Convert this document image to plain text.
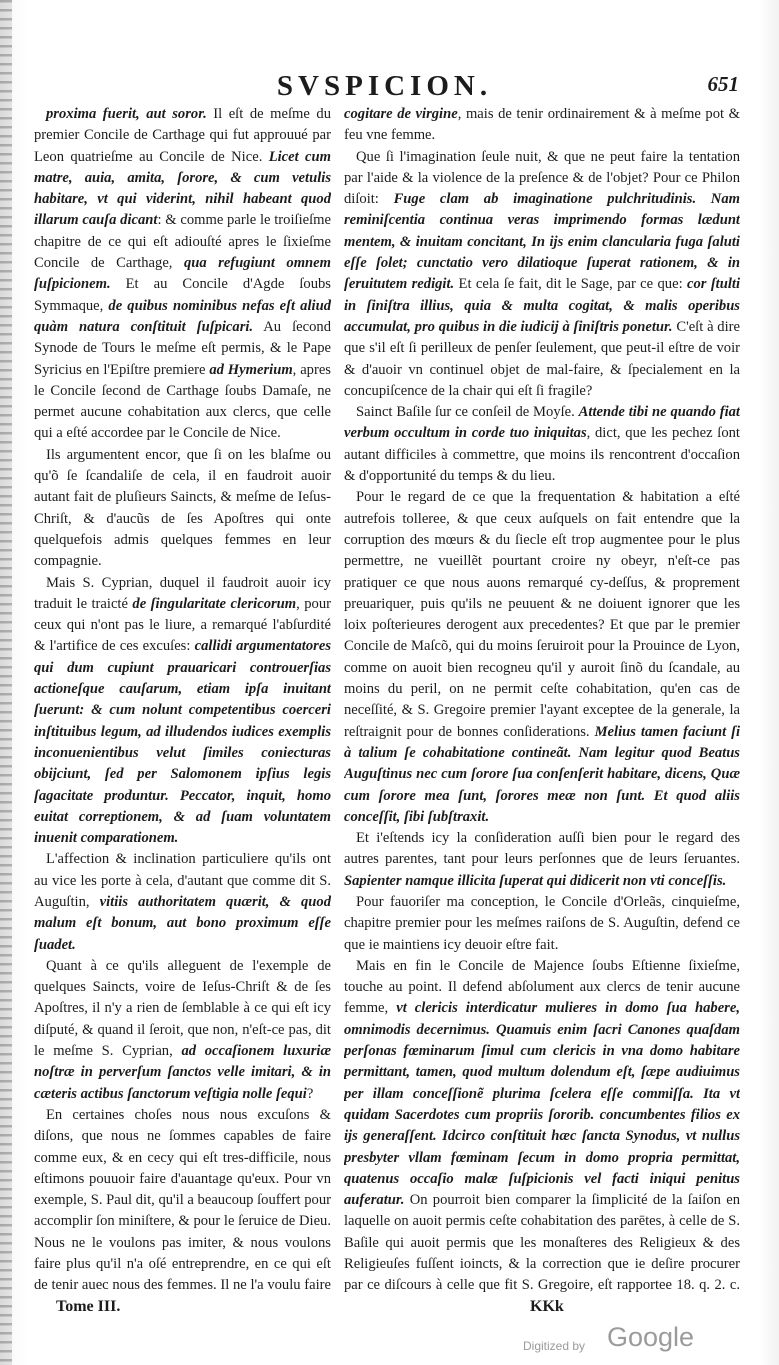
SVSPICION.	651

proxima fuerit, aut soror. Il eſt de meſme du premier Concile de Carthage qui fut approuué par Leon quatrieſme au Concile de Nice. Licet cum matre, auia, amita, ſorore, & cum vetulis habitare, vt qui viderint, nihil habeant quod illarum cauſa dicant: & comme parle le troiſieſme chapitre de ce qui eſt adiouſté apres le ſixieſme Concile de Carthage, qua refugiunt omnem ſuſpicionem. Et au Concile d'Agde ſoubs Symmaque, de quibus nominibus nefas eſt aliud quàm natura conſtituit ſuſpicari. Au ſecond Synode de Tours le meſme eſt permis, & le Pape Syricius en l'Epiſtre premiere ad Hymerium, apres le Concile ſecond de Carthage ſoubs Damaſe, ne permet aucune cohabitation aux clercs, que celle qui a eſté accordee par le Concile de Nice.

Ils argumentent encor, que ſi on les blaſme ou qu'õ ſe ſcandaliſe de cela, il en faudroit auoir autant fait de pluſieurs Saincts, & meſme de Ieſus-Chriſt, & d'aucũs de ſes Apoſtres qui onte quelquefois admis quelques femmes en leur compagnie.

Mais S. Cyprian, duquel il faudroit auoir icy traduit le traicté de ſingularitate clericorum, pour ceux qui n'ont pas le liure, a remarqué l'abſurdité & l'artifice de ces excuſes: callidi argumentatores qui dum cupiunt prauaricari controuerſias actioneſque cauſarum, etiam ipſa inuitant ſuerunt: & cum nolunt competentibus coerceri inſtituibus legum, ad illudendos iudices exemplis inconuenientibus velut ſimiles coniecturas obijciunt, ſed per Salomonem ipſius legis ſagacitate produntur. Peccator, inquit, homo euitat correptionem, & ad ſuam voluntatem inuenit comparationem.

L'affection & inclination particuliere qu'ils ont au vice les porte à cela, d'autant que comme dit S. Auguſtin, vitiis authoritatem quærit, & quod malum eſt bonum, aut bono proximum eſſe ſuadet.

Quant à ce qu'ils alleguent de l'exemple de quelques Saincts, voire de Ieſus-Chriſt & de ſes Apoſtres, il n'y a rien de ſemblable à ce qui eſt icy diſputé, & quand il ſeroit, que non, n'eſt-ce pas, dit le meſme S. Cyprian, ad occaſionem luxuriæ noſtræ in perverſum ſanctos velle imitari, & in cæteris actibus ſanctorum veſtigia nolle ſequi?

En certaines choſes nous nous excuſons & diſons, que nous ne ſommes capables de faire comme eux, & en cecy qui eſt tres-difficile, nous eſtimons pouuoir faire d'auantage qu'eux. Pour vn exemple, S. Paul dit, qu'il a beaucoup ſouffert pour accomplir ſon miniſtere, & pour le ſeruice de Dieu. Nous ne le voulons pas imiter, & nous voulons faire plus qu'il n'a oſé entreprendre, en ce qui eſt de tenir auec nous des femmes. Il ne l'a voulu faire

cogitare de virgine, mais de tenir ordinairement & à meſme pot & feu vne femme.

Que ſi l'imagination ſeule nuit, & que ne peut faire la tentation par l'aide & la violence de la preſence & de l'objet? Pour ce Philon diſoit: Fuge clam ab imaginatione pulchritudinis. Nam reminiſcentia continua veras imprimendo formas lædunt mentem, & inuitam concitant, In ijs enim clancularia fuga ſaluti eſſe ſolet; cunctatio vero dilatioque ſuperat rationem, & in ſeruitutem redigit. Et cela ſe fait, dit le Sage, par ce que: cor ſtulti in ſiniſtra illius, quia & multa cogitat, & malis operibus accumulat, pro quibus in die iudicij à ſiniſtris ponetur. C'eſt à dire que s'il eſt ſi perilleux de penſer ſeulement, que peut-il eſtre de voir & d'auoir vn continuel objet de mal-faire, & ſpecialement en la concupiſcence de la chair qui eſt ſi fragile?

Sainct Baſile ſur ce conſeil de Moyſe. Attende tibi ne quando fiat verbum occultum in corde tuo iniquitas, dict, que les pechez ſont autant difficiles à commettre, que moins ils rencontrent d'occaſion & d'opportunité du temps & du lieu.

Pour le regard de ce que la frequentation & habitation a eſté autrefois tolleree, & que ceux auſquels on fait entendre que la corruption des mœurs & du ſiecle eſt trop augmentee pour le plus permettre, ne vueillẽt pourtant croire ny obeyr, n'eſt-ce pas pratiquer ce que nous auons remarqué cy-deſſus, & proprement preuariquer, puis qu'ils ne peuuent & ne doiuent ignorer que les loix poſterieures derogent aux precedentes? Et que par le premier Concile de Maſcõ, qui du moins ſeruiroit pour la Prouince de Lyon, comme on auoit bien recogneu qu'il y auroit ſinõ du ſcandale, au moins du peril, on ne permit ceſte cohabitation, qu'en cas de neceſſité, & S. Gregoire premier l'ayant exceptee de la generale, la reſtraignit pour de bonnes conſiderations. Melius tamen faciunt ſi à talium ſe cohabitatione contineãt. Nam legitur quod Beatus Auguſtinus nec cum ſorore ſua conſenſerit habitare, dicens, Quæ cum ſorore mea ſunt, ſorores meæ non ſunt. Et quod aliis conceſſit, ſibi ſubſtraxit.

Et i'eſtends icy la conſideration auſſi bien pour le regard des autres parentes, tant pour leurs perſonnes que de leurs ſeruantes. Sapienter namque illicita ſuperat qui didicerit non vti conceſſis.

Pour fauoriſer ma conception, le Concile d'Orleãs, cinquieſme, chapitre premier pour les meſmes raiſons de S. Auguſtin, defend ce que ie maintiens icy deuoir eſtre fait.

Mais en fin le Concile de Majence ſoubs Eſtienne ſixieſme, touche au point. Il defend abſolument aux clercs de tenir aucune femme, vt clericis interdicatur mulieres in domo ſua habere, omnimodis decernimus. Quamuis enim ſacri Canones quaſdam perſonas fœminarum ſimul cum clericis in vna domo habitare permittant, tamen, quod multum dolendum eſt, ſæpe audiuimus per illam conceſſionẽ plurima ſcelera eſſe commiſſa. Ita vt quidam Sacerdotes cum propriis ſororib. concumbentes filios ex ijs generaſſent. Idcirco conſtituit hæc ſancta Synodus, vt nullus presbyter vllam fœminam ſecum in domo propria permittat, quatenus occaſio malæ ſuſpicionis vel facti iniqui penitus auferatur. On pourroit bien comparer la ſimplicité de la ſaiſon en laquelle on auoit permis ceſte cohabitation des parētes, à celle de S. Baſile qui auoit permis que les monaſteres des Religieux & des Religieuſes fuſſent ioincts, & la correction que ie deſire procurer par ce diſcours à celle que fit S. Gregoire, eſt rapportee 18. q. 2. c.

Tome III.	KKk
Digitized by Google
